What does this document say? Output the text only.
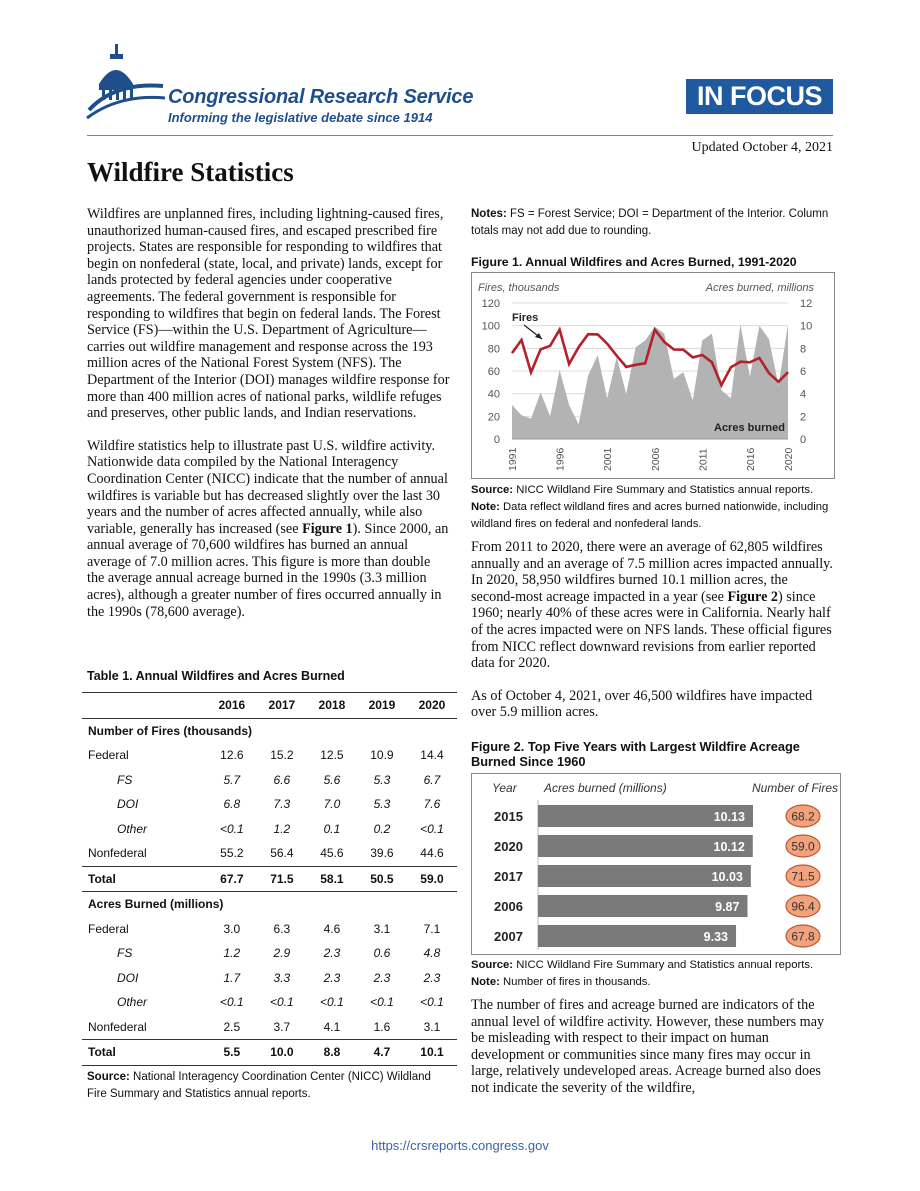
Congressional Research Service
Informing the legislative debate since 1914
IN FOCUS
Updated October 4, 2021
Wildfire Statistics

Wildfires are unplanned fires, including lightning-caused fires, unauthorized human-caused fires, and escaped prescribed fire projects. States are responsible for responding to wildfires that begin on nonfederal (state, local, and private) lands, except for lands protected by federal agencies under cooperative agreements. The federal government is responsible for responding to wildfires that begin on federal lands. The Forest Service (FS)—within the U.S. Department of Agriculture—carries out wildfire management and response across the 193 million acres of the National Forest System (NFS). The Department of the Interior (DOI) manages wildfire response for more than 400 million acres of national parks, wildlife refuges and preserves, other public lands, and Indian reservations.

Wildfire statistics help to illustrate past U.S. wildfire activity. Nationwide data compiled by the National Interagency Coordination Center (NICC) indicate that the number of annual wildfires is variable but has decreased slightly over the last 30 years and the number of acres affected annually, while also variable, generally has increased (see Figure 1). Since 2000, an annual average of 70,600 wildfires has burned an annual average of 7.0 million acres. This figure is more than double the average annual acreage burned in the 1990s (3.3 million acres), although a greater number of fires occurred annually in the 1990s (78,600 average).

Table 1. Annual Wildfires and Acres Burned
	2016	2017	2018	2019	2020
Number of Fires (thousands)					
Federal	12.6	15.2	12.5	10.9	14.4
FS	5.7	6.6	5.6	5.3	6.7
DOI	6.8	7.3	7.0	5.3	7.6
Other	<0.1	1.2	0.1	0.2	<0.1
Nonfederal	55.2	56.4	45.6	39.6	44.6
Total	67.7	71.5	58.1	50.5	59.0
Acres Burned (millions)					
Federal	3.0	6.3	4.6	3.1	7.1
FS	1.2	2.9	2.3	0.6	4.8
DOI	1.7	3.3	2.3	2.3	2.3
Other	<0.1	<0.1	<0.1	<0.1	<0.1
Nonfederal	2.5	3.7	4.1	1.6	3.1
Total	5.5	10.0	8.8	4.7	10.1
Source: National Interagency Coordination Center (NICC) Wildland Fire Summary and Statistics annual reports.
Notes: FS = Forest Service; DOI = Department of the Interior. Column totals may not add due to rounding.
Figure 1. Annual Wildfires and Acres Burned, 1991-2020
0
20
40
60
80
100
120
0
2
4
6
8
10
12
1991	1996	2001	2006	2011	2016 2020
Fires, thousands	Acres burned, millions
Fires
Acres burned
Source: NICC Wildland Fire Summary and Statistics annual reports.
Note: Data reflect wildland fires and acres burned nationwide, including wildland fires on federal and nonfederal lands.

From 2011 to 2020, there were an average of 62,805 wildfires annually and an average of 7.5 million acres impacted annually. In 2020, 58,950 wildfires burned 10.1 million acres, the second-most acreage impacted in a year (see Figure 2) since 1960; nearly 40% of these acres were in California. Nearly half of the acres impacted were on NFS lands. These official figures from NICC reflect downward revisions from earlier reported data for 2020.

As of October 4, 2021, over 46,500 wildfires have impacted over 5.9 million acres.

Figure 2. Top Five Years with Largest Wildfire Acreage Burned Since 1960
Year Acres burned (millions)	Number of Fires
2015	10.13	68.2
2020	10.12	59.0
2017	10.03	71.5
2006	9.87	96.4
2007	9.33	67.8
Source: NICC Wildland Fire Summary and Statistics annual reports.
Note: Number of fires in thousands.

The number of fires and acreage burned are indicators of the annual level of wildfire activity. However, these numbers may be misleading with respect to their impact on human development or communities since many fires may occur in large, relatively undeveloped areas. Acreage burned also does not indicate the severity of the wildfire,

https://crsreports.congress.gov
